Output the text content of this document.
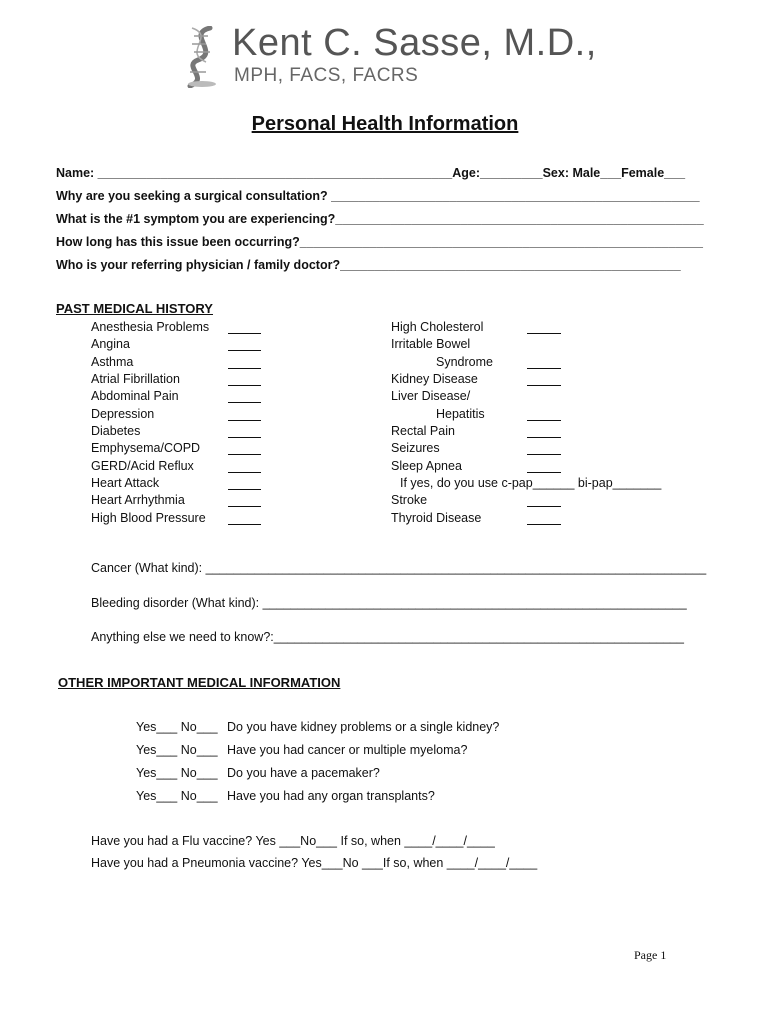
Kent C. Sasse, M.D.,
MPH, FACS, FACRS
Personal Health Information
Name: ___________________________________________________Age:_________Sex: Male___Female___
Why are you seeking a surgical consultation? _____________________________________________________
What is the #1 symptom you are experiencing?_____________________________________________________
How long has this issue been occurring?__________________________________________________________
Who is your referring physician / family doctor?_________________________________________________
PAST MEDICAL HISTORY
Anesthesia Problems
Angina
Asthma
Atrial Fibrillation
Abdominal Pain
Depression
Diabetes
Emphysema/COPD
GERD/Acid Reflux
Heart Attack
Heart Arrhythmia
High Blood Pressure
High Cholesterol
Irritable Bowel
Syndrome
Kidney Disease
Liver Disease/
Hepatitis
Rectal Pain
Seizures
Sleep Apnea
If yes, do you use c-pap______ bi-pap_______
Stroke
Thyroid Disease
Cancer (What kind): ________________________________________________________________________
Bleeding disorder (What kind): _____________________________________________________________
Anything else we need to know?:___________________________________________________________
OTHER IMPORTANT MEDICAL INFORMATION
Yes___ No___ Do you have kidney problems or a single kidney?
Yes___ No___ Have you had cancer or multiple myeloma?
Yes___ No___ Do you have a pacemaker?
Yes___ No___ Have you had any organ transplants?
Have you had a Flu vaccine? Yes ___No___ If so, when ____/____/____
Have you had a Pneumonia vaccine? Yes___No ___If so, when ____/____/____
Page 1
